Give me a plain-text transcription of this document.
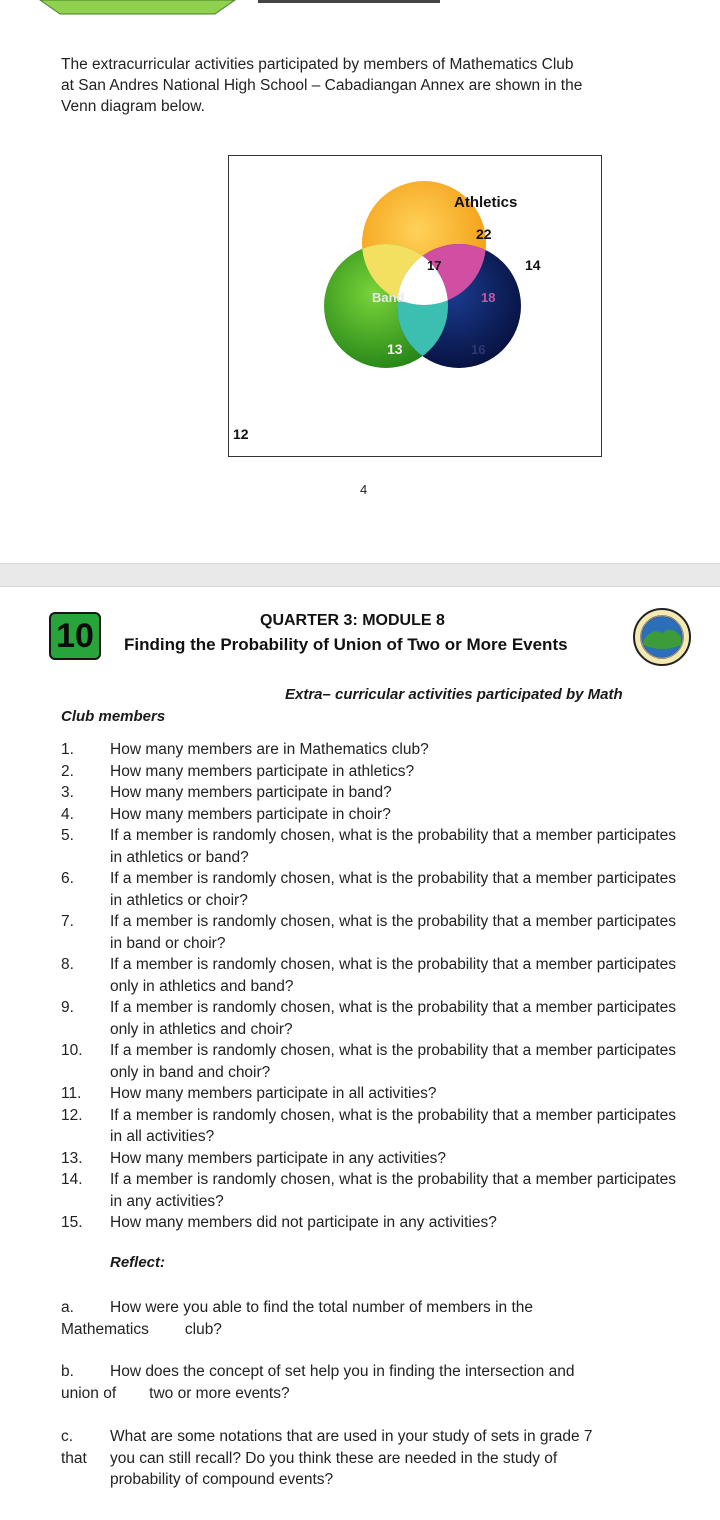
The extracurricular activities participated by members of Mathematics Club
at San Andres National High School – Cabadiangan Annex are shown in the
Venn diagram below.
Athletics
22
17	14
Band	18
13	16
12
4
10	QUARTER 3: MODULE 8
Finding the Probability of Union of Two or More Events
Extra– curricular activities participated by Math
Club members
1.	How many members are in Mathematics club?
2.	How many members participate in athletics?
3.	How many members participate in band?
4.	How many members participate in choir?
5.	If a member is randomly chosen, what is the probability that a member participates in athletics or band?
6.	If a member is randomly chosen, what is the probability that a member participates in athletics or choir?
7.	If a member is randomly chosen, what is the probability that a member participates in band or choir?
8.	If a member is randomly chosen, what is the probability that a member participates only in athletics and band?
9.	If a member is randomly chosen, what is the probability that a member participates only in athletics and choir?
10.	If a member is randomly chosen, what is the probability that a member participates only in band and choir?
11.	How many members participate in all activities?
12.	If a member is randomly chosen, what is the probability that a member participates in all activities?
13.	How many members participate in any activities?
14.	If a member is randomly chosen, what is the probability that a member participates in any activities?
15.	How many members did not participate in any activities?
Reflect:
a. How were you able to find the total number of members in the
Mathematics club?
b. How does the concept of set help you in finding the intersection and
union of two or more events?
c. What are some notations that are used in your study of sets in grade 7
that you can still recall? Do you think these are needed in the study of
probability of compound events?
